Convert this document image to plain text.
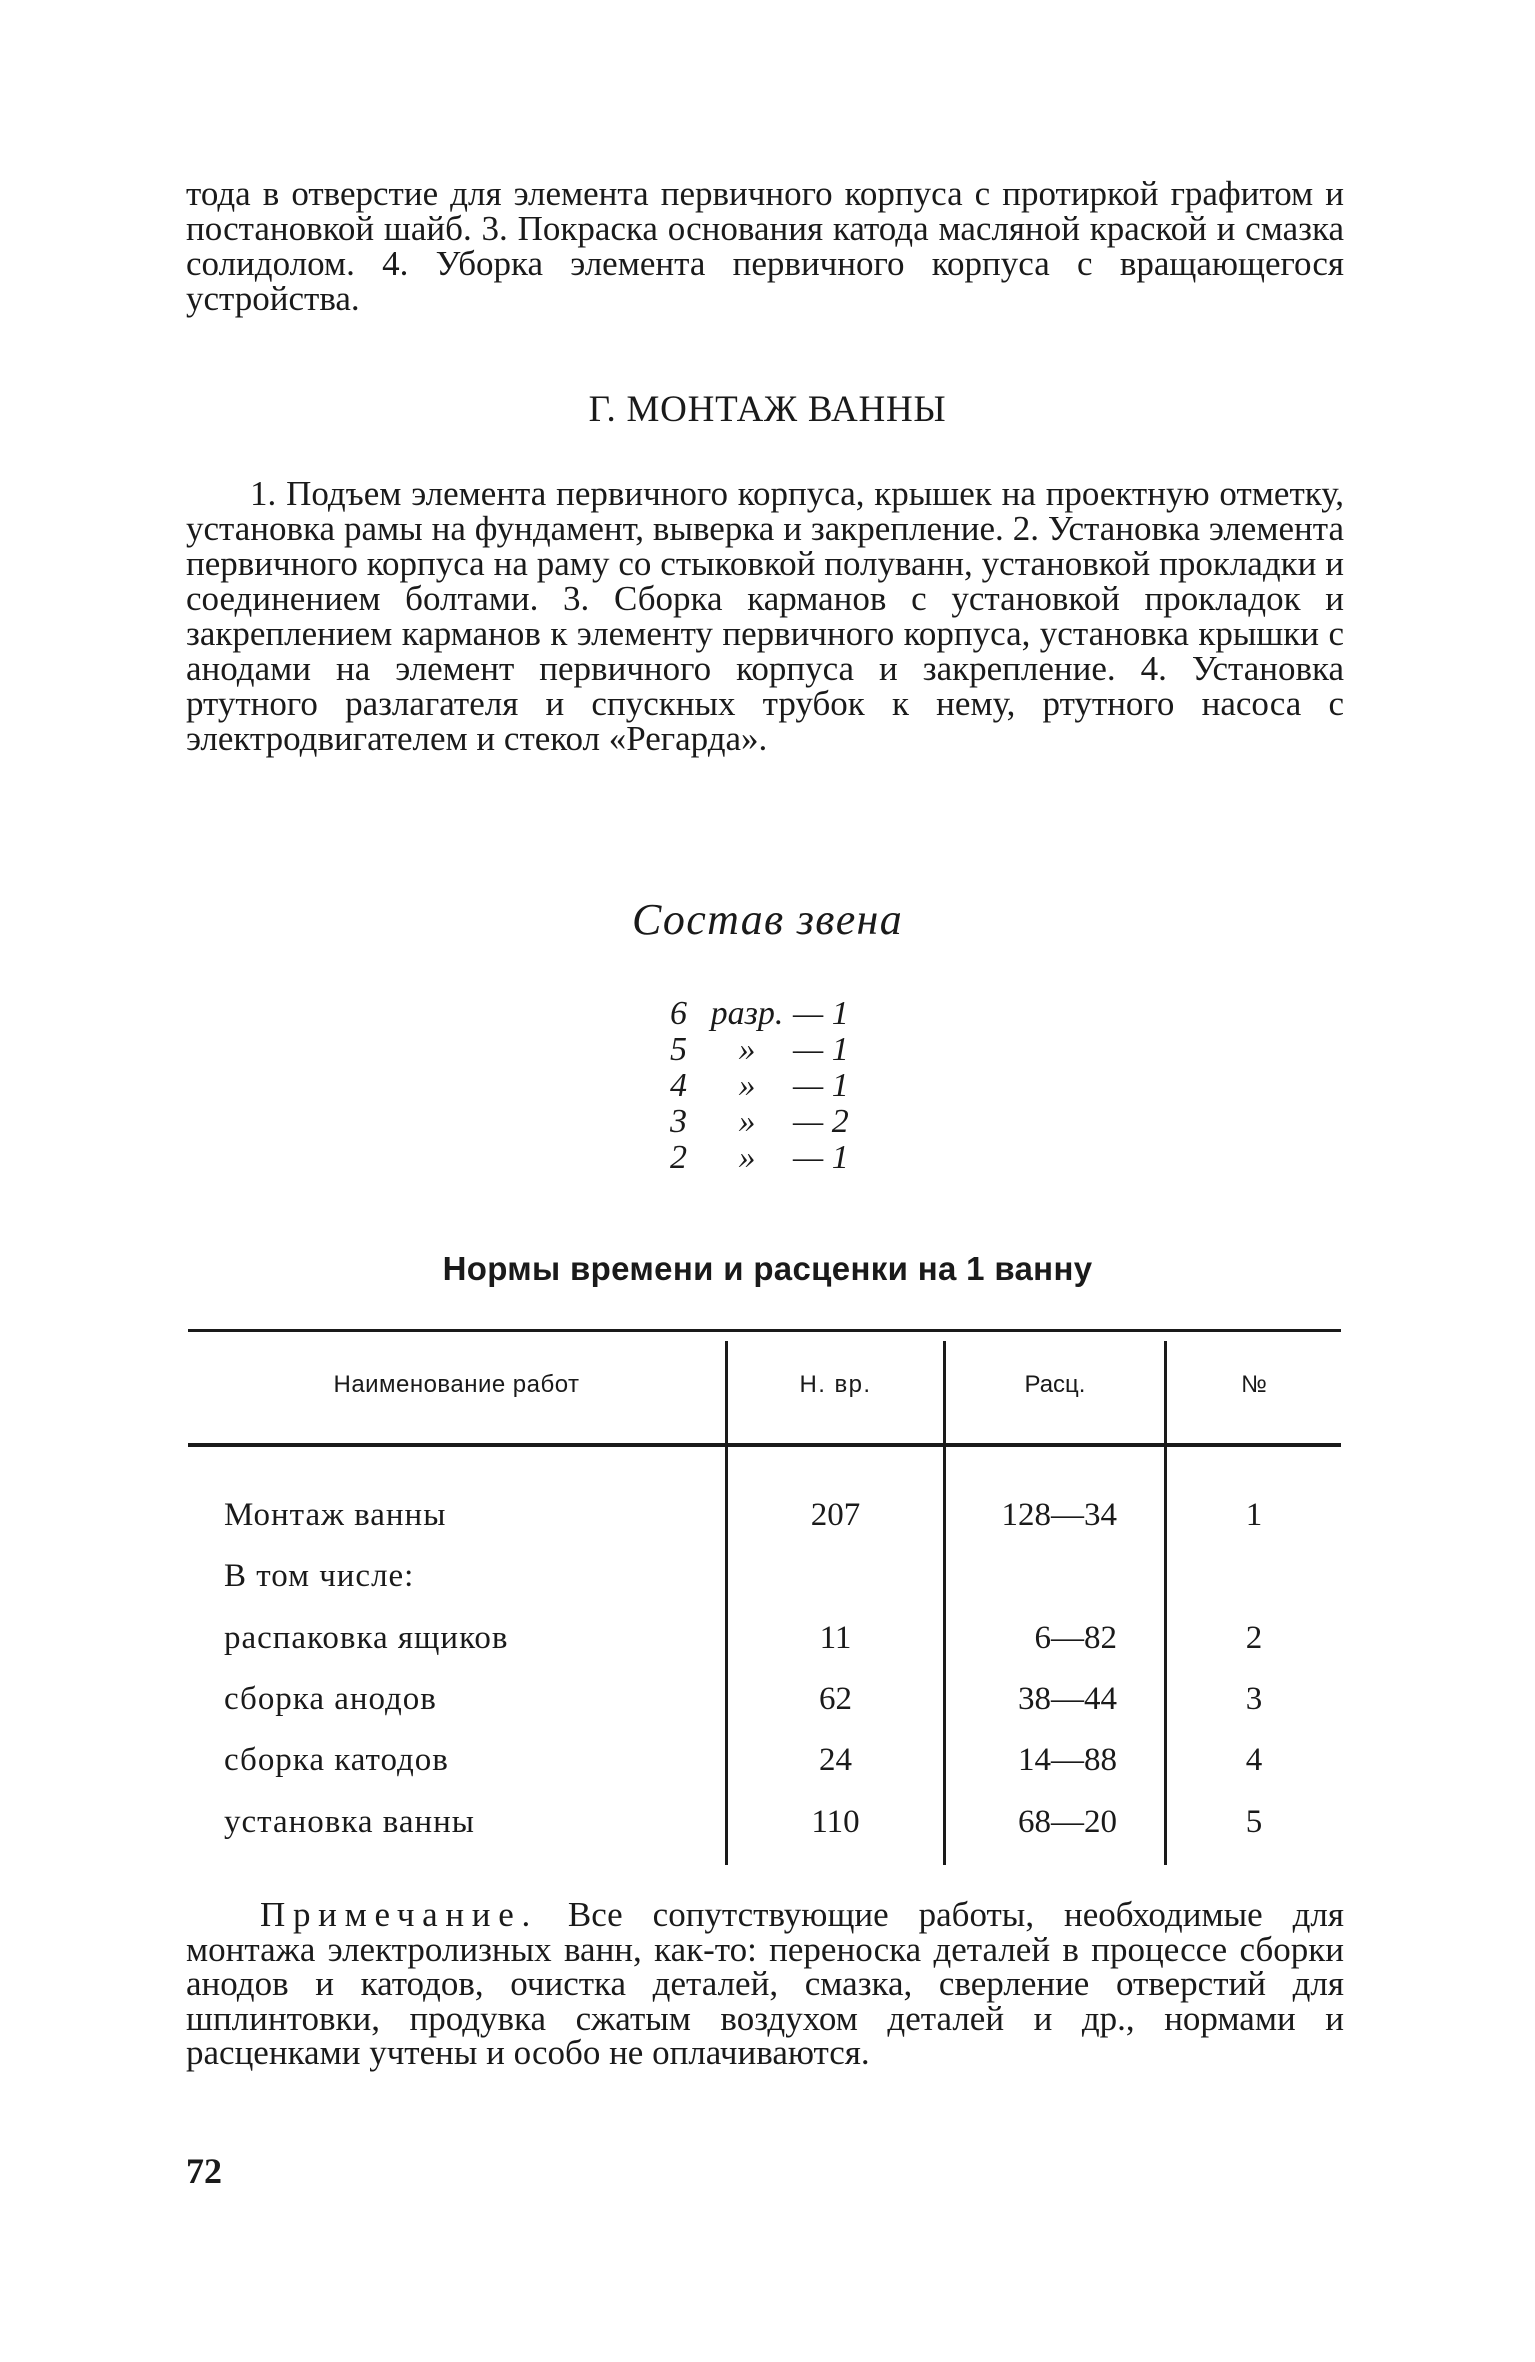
тода в отверстие для элемента первичного корпуса с протиркой графитом и постановкой шайб. 3. Покраска основания катода масляной краской и смазка солидолом. 4. Уборка элемента первичного корпуса с вращающегося устройства.

Г. МОНТАЖ ВАННЫ

1. Подъем элемента первичного корпуса, крышек на проектную отметку, установка рамы на фундамент, выверка и закрепление. 2. Установка элемента первичного корпуса на раму со стыковкой полуванн, установкой прокладки и соединением болтами. 3. Сборка карманов с установкой прокладок и закреплением карманов к элементу первичного корпуса, установка крышки с анодами на элемент первичного корпуса и закрепление. 4. Установка ртутного разлагателя и спускных трубок к нему, ртутного насоса с электродвигателем и стекол «Регарда».

Состав звена
6 разр. — 1
5	»	— 1
4	»	— 1
3	»	— 2
2	»	— 1
Нормы времени и расценки на 1 ванну
Наименование работ	Н. вр.	Расц.	№
Монтаж ванны	207	128—34	1
В том числе:
распаковка ящиков	11	6—82	2
сборка анодов	62	38—44	3
сборка катодов	24	14—88	4
установка ванны	110	68—20	5

Примечание. Все сопутствующие работы, необходимые для монтажа электролизных ванн, как-то: переноска деталей в процессе сборки анодов и катодов, очистка деталей, смазка, сверление отверстий для шплинтовки, продувка сжатым воздухом деталей и др., нормами и расценками учтены и особо не оплачиваются.

72
